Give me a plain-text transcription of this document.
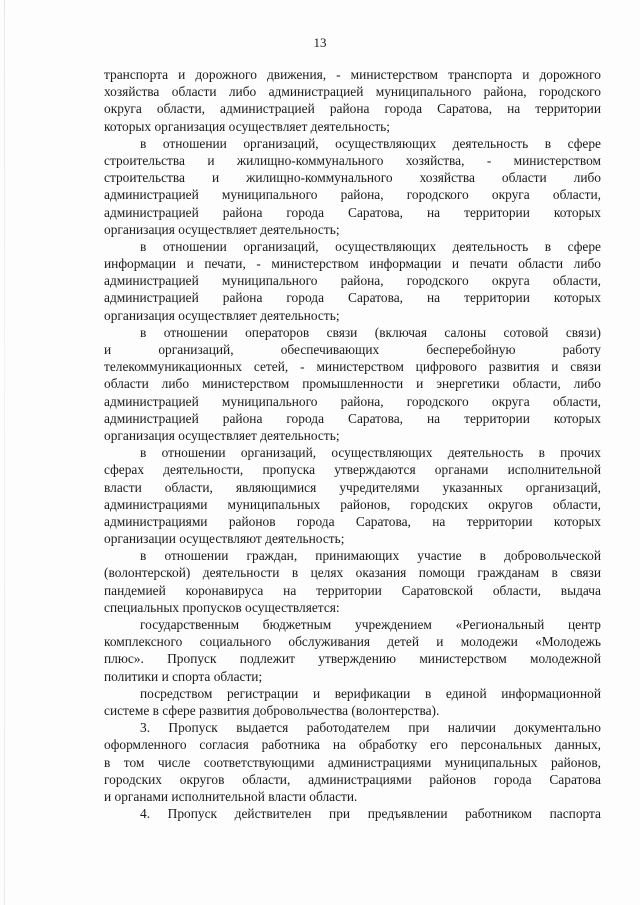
13
транспорта и дорожного движения, - министерством транспорта и дорожного
хозяйства области либо администрацией муниципального района, городского
округа области, администрацией района города Саратова, на территории
которых организация осуществляет деятельность;
в отношении организаций, осуществляющих деятельность в сфере
строительства и жилищно-коммунального хозяйства, - министерством
строительства и жилищно-коммунального хозяйства области либо
администрацией муниципального района, городского округа области,
администрацией района города Саратова, на территории которых
организация осуществляет деятельность;
в отношении организаций, осуществляющих деятельность в сфере
информации и печати, - министерством информации и печати области либо
администрацией муниципального района, городского округа области,
администрацией района города Саратова, на территории которых
организация осуществляет деятельность;
в отношении операторов связи (включая салоны сотовой связи)
и организаций, обеспечивающих бесперебойную работу
телекоммуникационных сетей, - министерством цифрового развития и связи
области либо министерством промышленности и энергетики области, либо
администрацией муниципального района, городского округа области,
администрацией района города Саратова, на территории которых
организация осуществляет деятельность;
в отношении организаций, осуществляющих деятельность в прочих
сферах деятельности, пропуска утверждаются органами исполнительной
власти области, являющимися учредителями указанных организаций,
администрациями муниципальных районов, городских округов области,
администрациями районов города Саратова, на территории которых
организации осуществляют деятельность;
в отношении граждан, принимающих участие в добровольческой
(волонтерской) деятельности в целях оказания помощи гражданам в связи
пандемией коронавируса на территории Саратовской области, выдача
специальных пропусков осуществляется:
государственным бюджетным учреждением «Региональный центр
комплексного социального обслуживания детей и молодежи «Молодежь
плюс». Пропуск подлежит утверждению министерством молодежной
политики и спорта области;
посредством регистрации и верификации в единой информационной
системе в сфере развития добровольчества (волонтерства).
3. Пропуск выдается работодателем при наличии документально
оформленного согласия работника на обработку его персональных данных,
в том числе соответствующими администрациями муниципальных районов,
городских округов области, администрациями районов города Саратова
и органами исполнительной власти области.
4. Пропуск действителен при предъявлении работником паспорта
